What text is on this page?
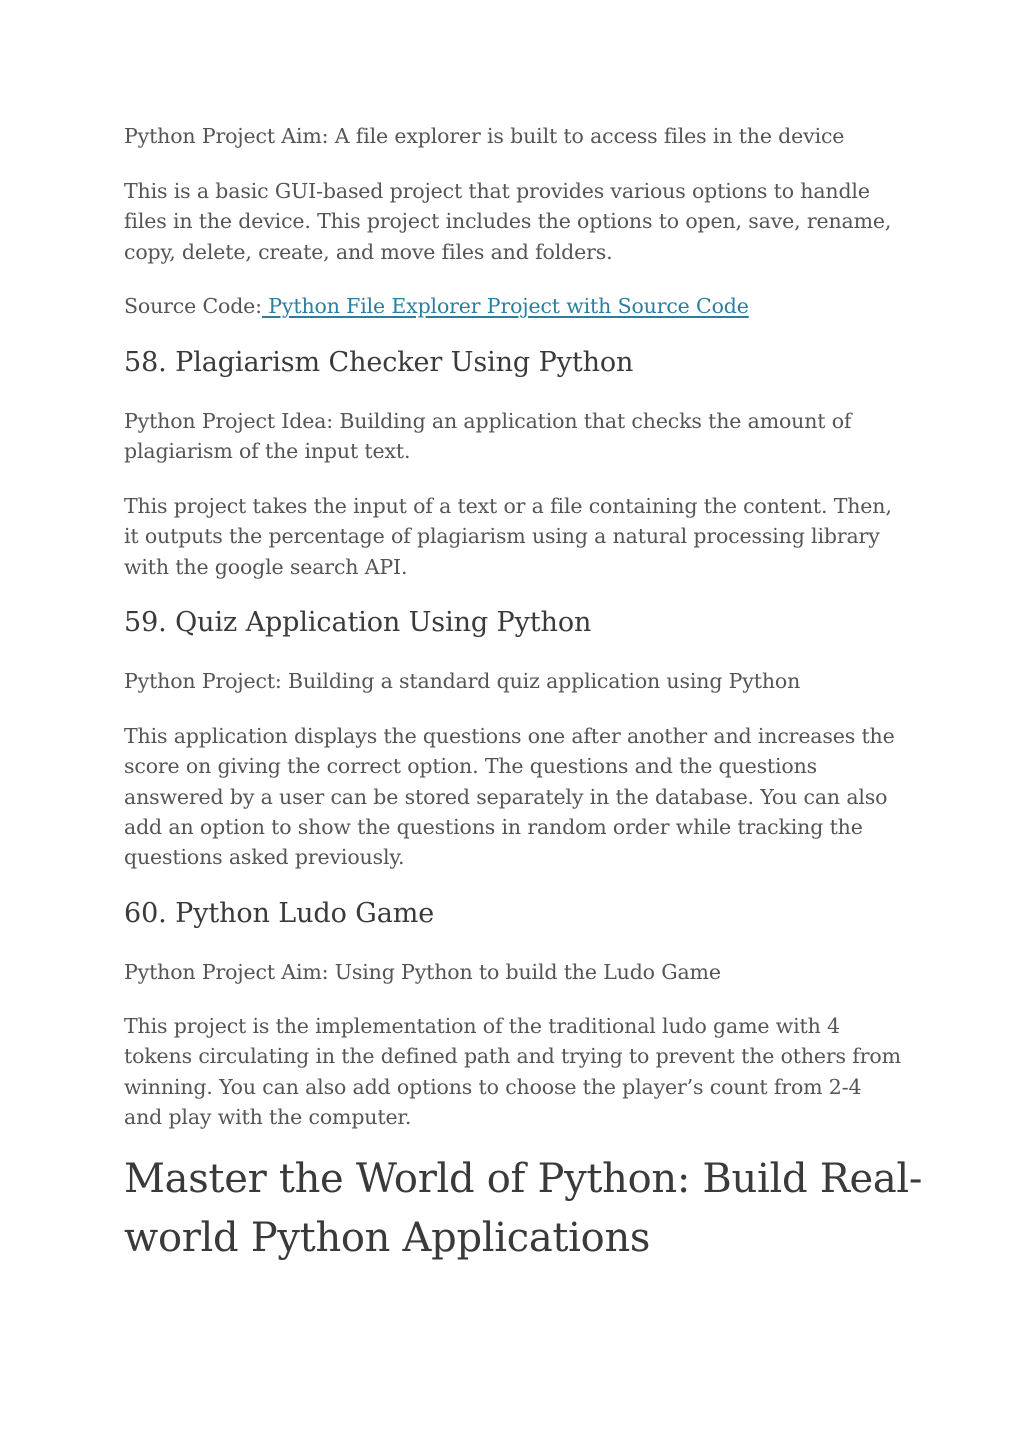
Python Project Aim: A file explorer is built to access files in the device

This is a basic GUI-based project that provides various options to handle files in the device. This project includes the options to open, save, rename, copy, delete, create, and move files and folders.

Source Code: Python File Explorer Project with Source Code

58. Plagiarism Checker Using Python

Python Project Idea: Building an application that checks the amount of plagiarism of the input text.

This project takes the input of a text or a file containing the content. Then, it outputs the percentage of plagiarism using a natural processing library with the google search API.

59. Quiz Application Using Python

Python Project: Building a standard quiz application using Python

This application displays the questions one after another and increases the score on giving the correct option. The questions and the questions answered by a user can be stored separately in the database. You can also add an option to show the questions in random order while tracking the questions asked previously.

60. Python Ludo Game

Python Project Aim: Using Python to build the Ludo Game

This project is the implementation of the traditional ludo game with 4 tokens circulating in the defined path and trying to prevent the others from winning. You can also add options to choose the player’s count from 2-4 and play with the computer.

Master the World of Python: Build Real-world Python Applications
